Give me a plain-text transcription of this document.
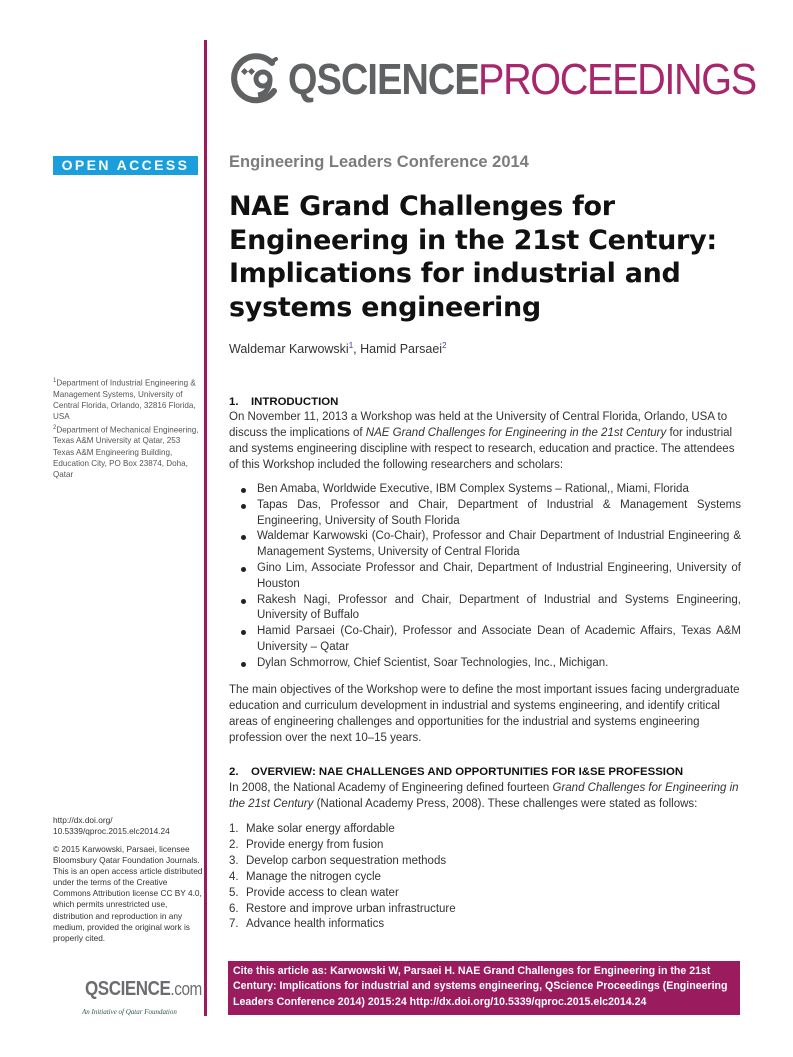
QSCIENCE PROCEEDINGS
OPEN ACCESS
$^1$Department of Industrial Engineering & Management Systems, University of Central Florida, Orlando, 32816 Florida, USA
$^2$Department of Mechanical Engineering, Texas A&M University at Qatar, 253 Texas A&M Engineering Building, Education City, PO Box 23874, Doha, Qatar
http://dx.doi.org/ 10.5339/qproc.2015.elc2014.24
© 2015 Karwowski, Parsaei, licensee Bloomsbury Qatar Foundation Journals. This is an open access article distributed under the terms of the Creative Commons Attribution license CC BY 4.0, which permits unrestricted use, distribution and reproduction in any medium, provided the original work is properly cited.
QSCIENCE.com
An Initiative of Qatar Foundation
Engineering Leaders Conference 2014
NAE Grand Challenges for Engineering in the 21st Century: Implications for industrial and systems engineering
Waldemar Karwowski$^1$, Hamid Parsaei$^2$
1. INTRODUCTION

On November 11, 2013 a Workshop was held at the University of Central Florida, Orlando, USA to discuss the implications of NAE Grand Challenges for Engineering in the 21st Century for industrial and systems engineering discipline with respect to research, education and practice. The attendees of this Workshop included the following researchers and scholars:

Ben Amaba, Worldwide Executive, IBM Complex Systems – Rational,, Miami, Florida
Tapas Das, Professor and Chair, Department of Industrial & Management Systems Engineering, University of South Florida
Waldemar Karwowski (Co-Chair), Professor and Chair Department of Industrial Engineering & Management Systems, University of Central Florida
Gino Lim, Associate Professor and Chair, Department of Industrial Engineering, University of Houston
Rakesh Nagi, Professor and Chair, Department of Industrial and Systems Engineering, University of Buffalo
Hamid Parsaei (Co-Chair), Professor and Associate Dean of Academic Affairs, Texas A&M University – Qatar
Dylan Schmorrow, Chief Scientist, Soar Technologies, Inc., Michigan.

The main objectives of the Workshop were to define the most important issues facing undergraduate education and curriculum development in industrial and systems engineering, and identify critical areas of engineering challenges and opportunities for the industrial and systems engineering profession over the next 10–15 years.

2. OVERVIEW: NAE CHALLENGES AND OPPORTUNITIES FOR I&SE PROFESSION

In 2008, the National Academy of Engineering defined fourteen Grand Challenges for Engineering in the 21st Century (National Academy Press, 2008). These challenges were stated as follows:

1. Make solar energy affordable
2. Provide energy from fusion
3. Develop carbon sequestration methods
4. Manage the nitrogen cycle
5. Provide access to clean water
6. Restore and improve urban infrastructure
7. Advance health informatics
Cite this article as: Karwowski W, Parsaei H. NAE Grand Challenges for Engineering in the 21st Century: Implications for industrial and systems engineering, QScience Proceedings (Engineering Leaders Conference 2014) 2015:24 http://dx.doi.org/10.5339/qproc.2015.elc2014.24
